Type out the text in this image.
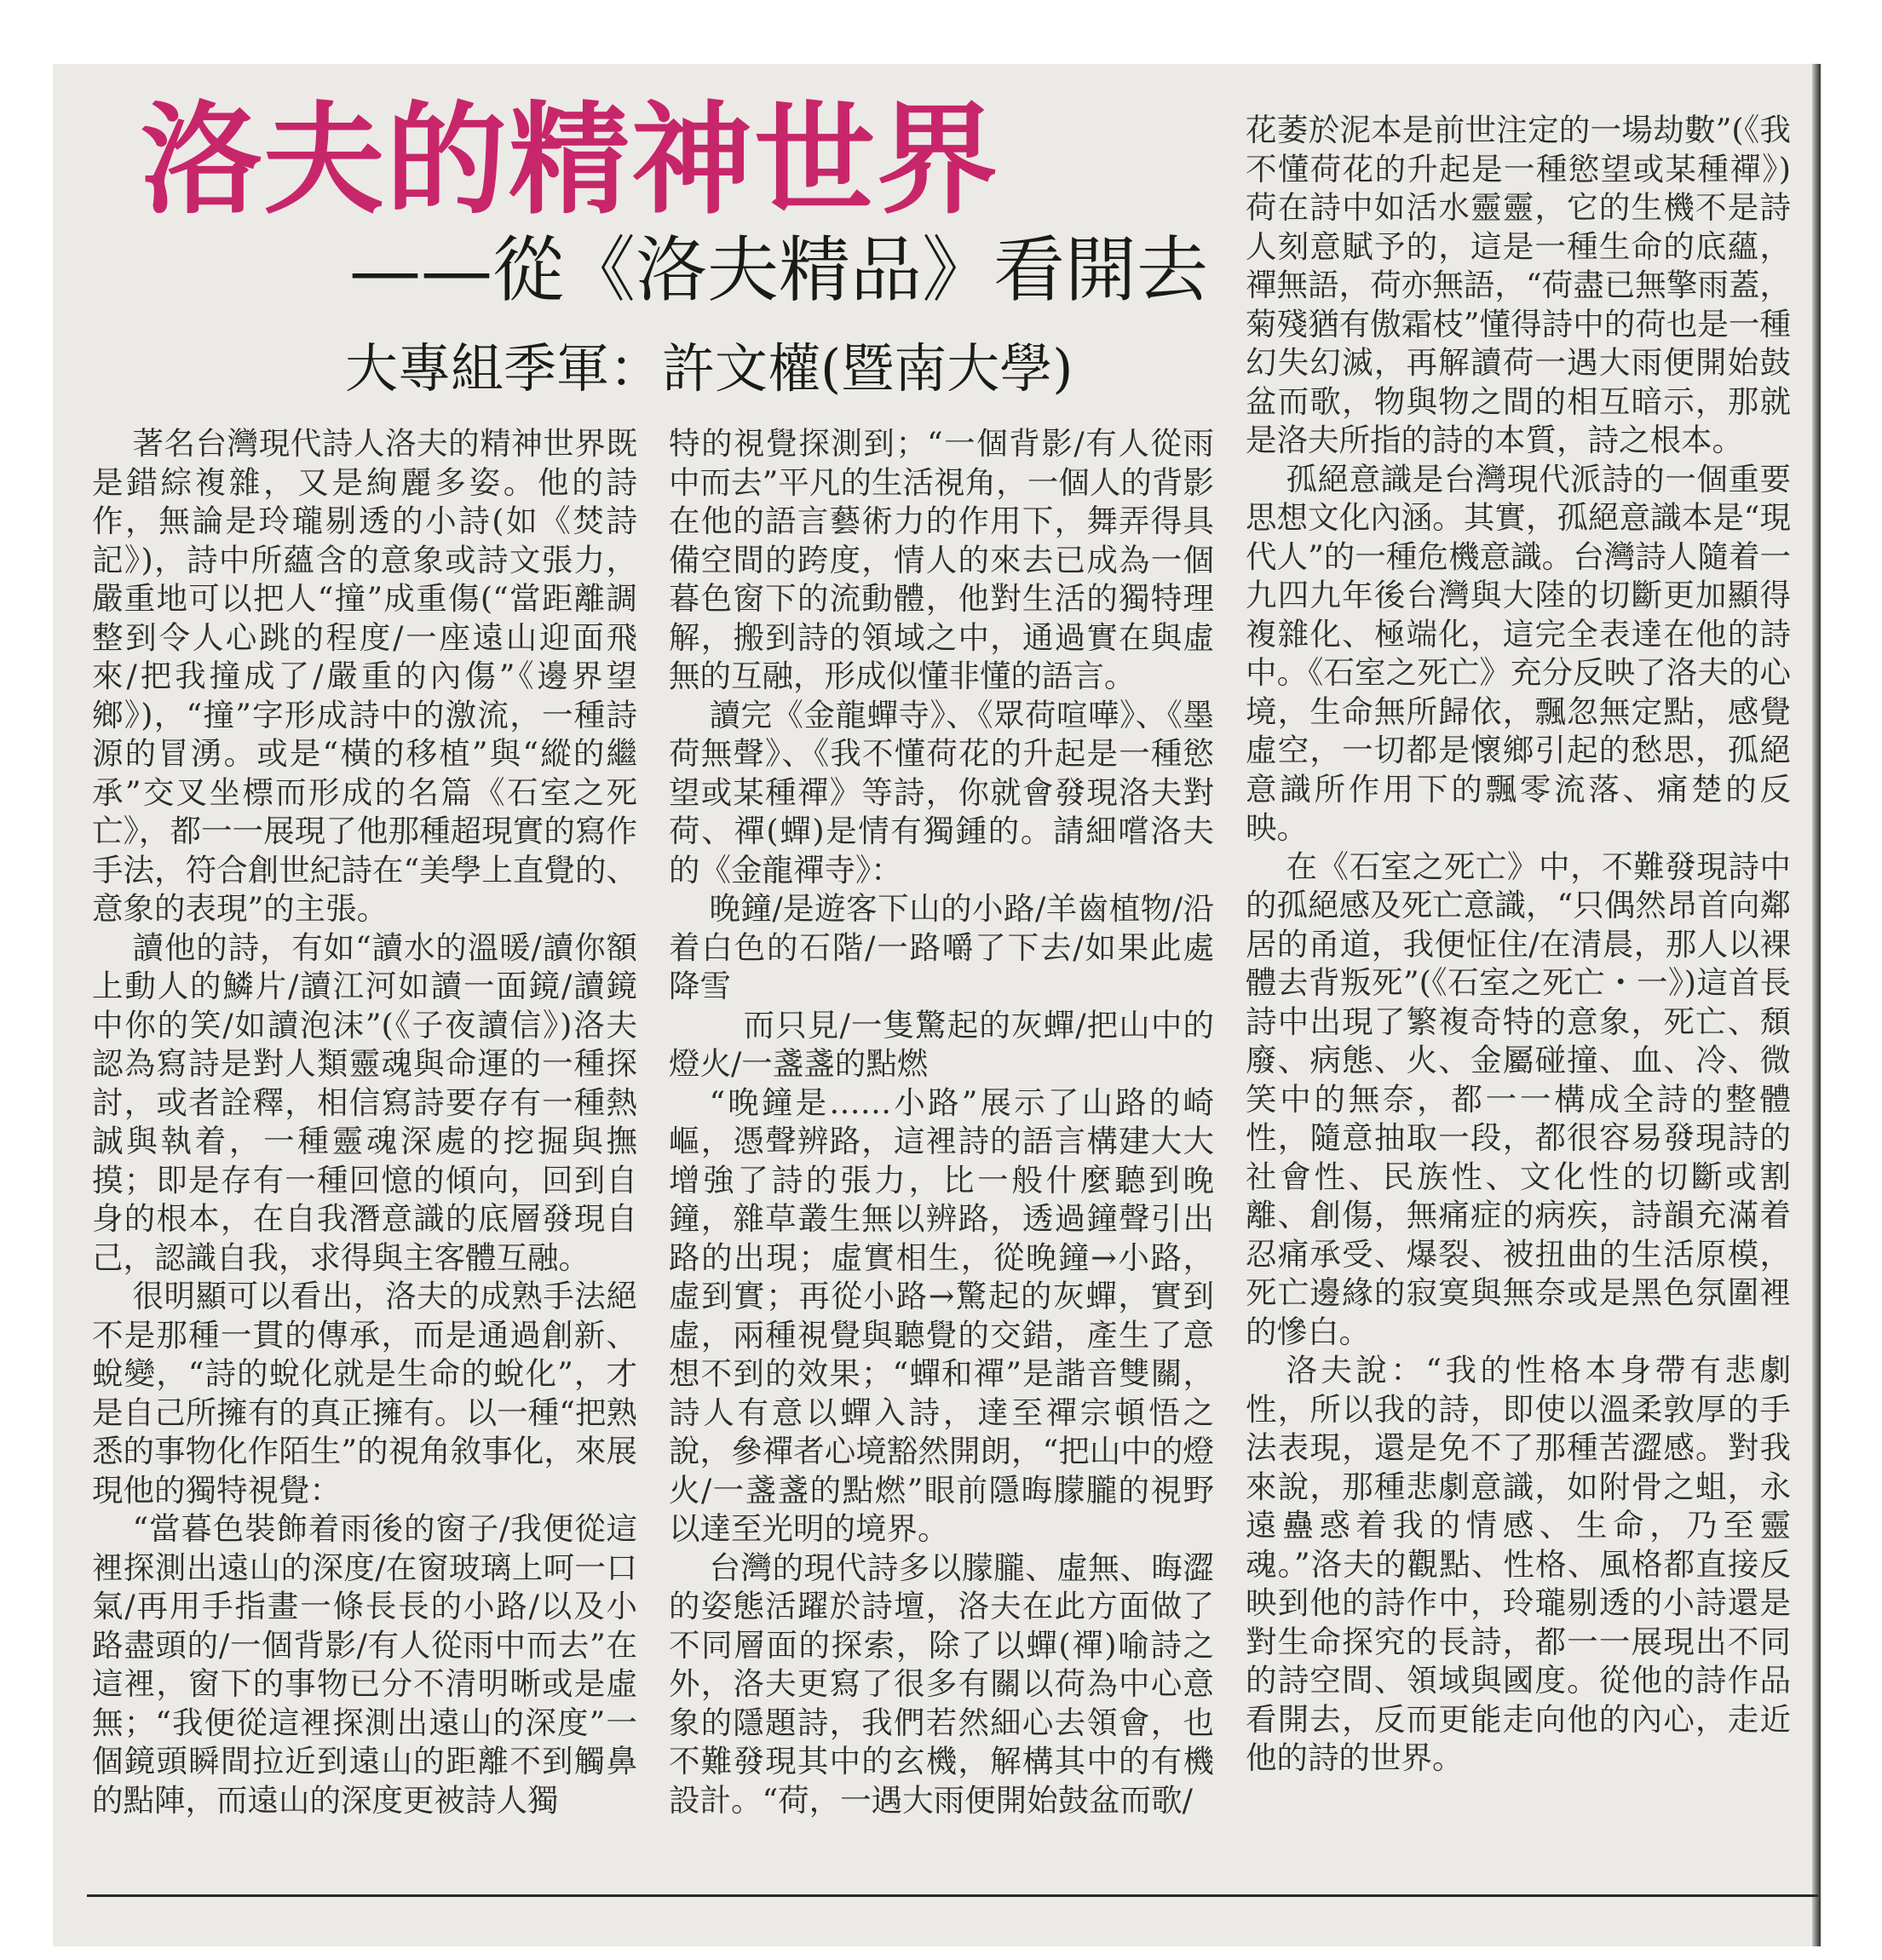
洛夫的精神世界
——從《洛夫精品》看開去
大專組季軍：許文權(暨南大學)

著名台灣現代詩人洛夫的精神世界既是錯綜複雜，又是絢麗多姿。他的詩作，無論是玲瓏剔透的小詩(如《焚詩記》)，詩中所蘊含的意象或詩文張力，嚴重地可以把人“撞”成重傷(“當距離調整到令人心跳的程度/一座遠山迎面飛來/把我撞成了/嚴重的內傷”《邊界望鄉》)，“撞”字形成詩中的激流，一種詩源的冒湧。或是“橫的移植”與“縱的繼承”交叉坐標而形成的名篇《石室之死亡》，都一一展現了他那種超現實的寫作手法，符合創世紀詩在“美學上直覺的、意象的表現”的主張。

讀他的詩，有如“讀水的溫暖/讀你額上動人的鱗片/讀江河如讀一面鏡/讀鏡中你的笑/如讀泡沫”(《子夜讀信》)洛夫認為寫詩是對人類靈魂與命運的一種探討，或者詮釋，相信寫詩要存有一種熱誠與執着，一種靈魂深處的挖掘與撫摸；即是存有一種回憶的傾向，回到自身的根本，在自我潛意識的底層發現自己，認識自我，求得與主客體互融。

很明顯可以看出，洛夫的成熟手法絕不是那種一貫的傳承，而是通過創新、蛻變，“詩的蛻化就是生命的蛻化”，才是自己所擁有的真正擁有。以一種“把熟悉的事物化作陌生”的視角敘事化，來展現他的獨特視覺：

“當暮色裝飾着雨後的窗子/我便從這裡探測出遠山的深度/在窗玻璃上呵一口氣/再用手指畫一條長長的小路/以及小路盡頭的/一個背影/有人從雨中而去”在這裡，窗下的事物已分不清明晰或是虛無；“我便從這裡探測出遠山的深度”一個鏡頭瞬間拉近到遠山的距離不到觸鼻的點陣，而遠山的深度更被詩人獨

特的視覺探測到；“一個背影/有人從雨中而去”平凡的生活視角，一個人的背影在他的語言藝術力的作用下，舞弄得具備空間的跨度，情人的來去已成為一個暮色窗下的流動體，他對生活的獨特理解，搬到詩的領域之中，通過實在與虛無的互融，形成似懂非懂的語言。

讀完《金龍蟬寺》、《眾荷喧嘩》、《墨荷無聲》、《我不懂荷花的升起是一種慾望或某種禪》等詩，你就會發現洛夫對荷、禪(蟬)是情有獨鍾的。請細嚐洛夫的《金龍禪寺》：

晚鐘/是遊客下山的小路/羊齒植物/沿着白色的石階/一路嚼了下去/如果此處降雪

而只見/一隻驚起的灰蟬/把山中的燈火/一盞盞的點燃

“晚鐘是……小路”展示了山路的崎嶇，憑聲辨路，這裡詩的語言構建大大增強了詩的張力，比一般什麼聽到晚鐘，雜草叢生無以辨路，透過鐘聲引出路的出現；虛實相生，從晚鐘→小路，虛到實；再從小路→驚起的灰蟬，實到虛，兩種視覺與聽覺的交錯，產生了意想不到的效果；“蟬和禪”是諧音雙關，詩人有意以蟬入詩，達至禪宗頓悟之說，參禪者心境豁然開朗，“把山中的燈火/一盞盞的點燃”眼前隱晦朦朧的視野以達至光明的境界。

台灣的現代詩多以朦朧、虛無、晦澀的姿態活躍於詩壇，洛夫在此方面做了不同層面的探索，除了以蟬(禪)喻詩之外，洛夫更寫了很多有關以荷為中心意象的隱題詩，我們若然細心去領會，也不難發現其中的玄機，解構其中的有機設計。“荷，一遇大雨便開始鼓盆而歌/

花萎於泥本是前世注定的一場劫數”(《我不懂荷花的升起是一種慾望或某種禪》)荷在詩中如活水靈靈，它的生機不是詩人刻意賦予的，這是一種生命的底蘊，禪無語，荷亦無語，“荷盡已無擎雨蓋，菊殘猶有傲霜枝”懂得詩中的荷也是一種幻失幻滅，再解讀荷一遇大雨便開始鼓盆而歌，物與物之間的相互暗示，那就是洛夫所指的詩的本質，詩之根本。

孤絕意識是台灣現代派詩的一個重要思想文化內涵。其實，孤絕意識本是“現代人”的一種危機意識。台灣詩人隨着一九四九年後台灣與大陸的切斷更加顯得複雜化、極端化，這完全表達在他的詩中。《石室之死亡》充分反映了洛夫的心境，生命無所歸依，飄忽無定點，感覺虛空，一切都是懷鄉引起的愁思，孤絕意識所作用下的飄零流落、痛楚的反映。

在《石室之死亡》中，不難發現詩中的孤絕感及死亡意識，“只偶然昂首向鄰居的甬道，我便怔住/在清晨，那人以裸體去背叛死”(《石室之死亡・一》)這首長詩中出現了繁複奇特的意象，死亡、頹廢、病態、火、金屬碰撞、血、冷、微笑中的無奈，都一一構成全詩的整體性，隨意抽取一段，都很容易發現詩的社會性、民族性、文化性的切斷或割離、創傷，無痛症的病疾，詩韻充滿着忍痛承受、爆裂、被扭曲的生活原模，死亡邊緣的寂寞與無奈或是黑色氛圍裡的慘白。

洛夫說：“我的性格本身帶有悲劇性，所以我的詩，即使以溫柔敦厚的手法表現，還是免不了那種苦澀感。對我來說，那種悲劇意識，如附骨之蛆，永遠蠱惑着我的情感、生命，乃至靈魂。”洛夫的觀點、性格、風格都直接反映到他的詩作中，玲瓏剔透的小詩還是對生命探究的長詩，都一一展現出不同的詩空間、領域與國度。從他的詩作品看開去，反而更能走向他的內心，走近他的詩的世界。
